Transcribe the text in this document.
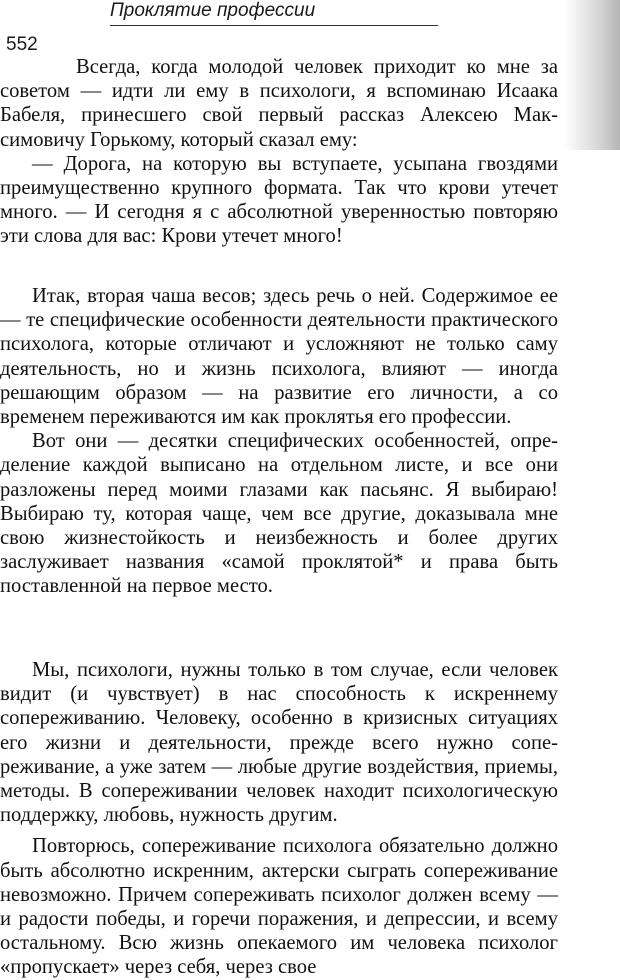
Проклятие профессии
552

Всегда, когда молодой человек приходит ко мне за советом — идти ли ему в психологи, я вспоминаю Исаака Бабеля, принесшего свой первый рассказ Алексею Максимовичу Горькому, который сказал ему:

— Дорога, на которую вы вступаете, усыпана гвоздями преимущественно крупного формата. Так что крови утечет много. — И сегодня я с абсолютной уверенностью повторяю эти слова для вас: Крови утечет много!

Итак, вторая чаша весов; здесь речь о ней. Содержимое ее — те специфические особенности деятельности практического психолога, которые отличают и усложняют не только саму деятельность, но и жизнь психолога, влияют — иногда решающим образом — на развитие его личности, а со временем переживаются им как проклятья его профессии.

Вот они — десятки специфических особенностей, определение каждой выписано на отдельном листе, и все они разложены перед моими глазами как пасьянс. Я выбираю! Выбираю ту, которая чаще, чем все другие, доказывала мне свою жизнестойкость и неизбежность и более других заслуживает названия «самой проклятой* и права быть поставленной на первое место.

Мы, психологи, нужны только в том случае, если человек видит (и чувствует) в нас способность к искреннему сопереживанию. Человеку, особенно в кризисных ситуациях его жизни и деятельности, прежде всего нужно сопереживание, а уже затем — любые другие воздействия, приемы, методы. В сопереживании человек находит психологическую поддержку, любовь, нужность другим.

Повторюсь, сопереживание психолога обязательно должно быть абсолютно искренним, актерски сыграть сопереживание невозможно. Причем сопереживать психолог должен всему — и радости победы, и горечи поражения, и депрессии, и всему остальному. Всю жизнь опекаемого им человека психолог «пропускает» через себя, через свое
